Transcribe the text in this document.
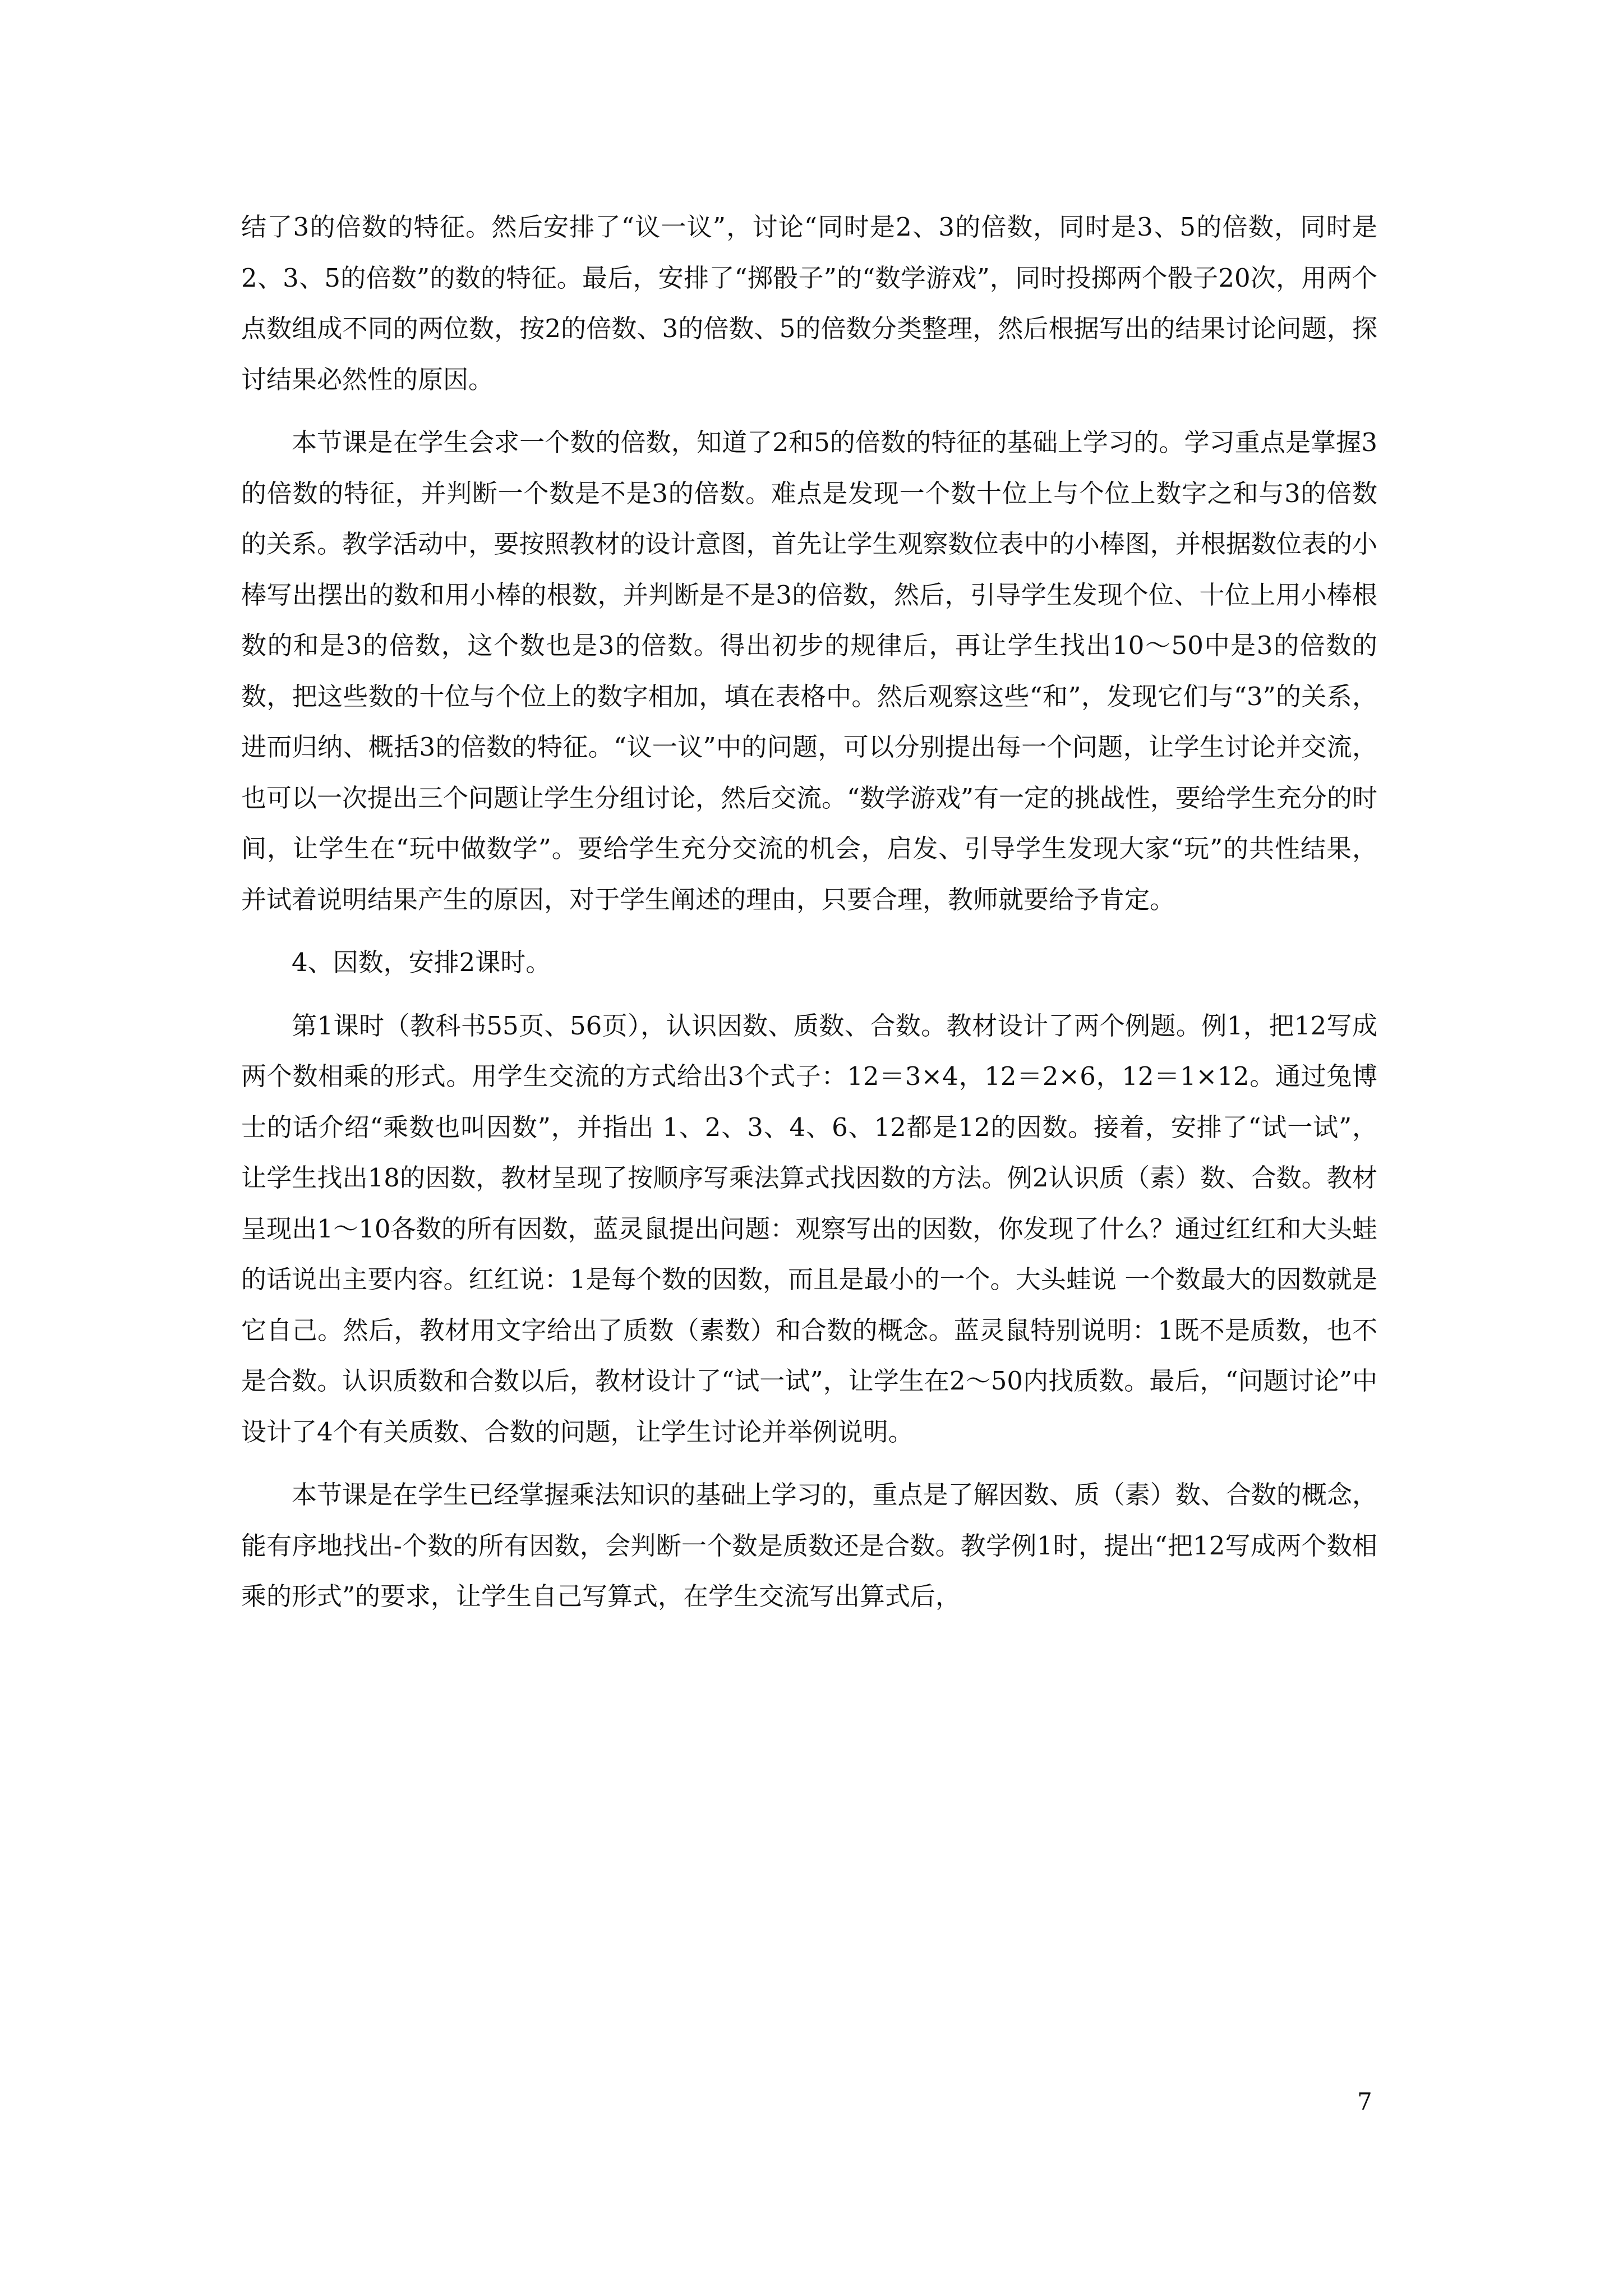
结了3的倍数的特征。然后安排了“议一议”，讨论“同时是2、3的倍数，同时是3、5的倍数，同时是2、3、5的倍数”的数的特征。最后，安排了“掷骰子”的“数学游戏”，同时投掷两个骰子20次，用两个点数组成不同的两位数，按2的倍数、3的倍数、5的倍数分类整理，然后根据写出的结果讨论问题，探讨结果必然性的原因。

本节课是在学生会求一个数的倍数，知道了2和5的倍数的特征的基础上学习的。学习重点是掌握3的倍数的特征，并判断一个数是不是3的倍数。难点是发现一个数十位上与个位上数字之和与3的倍数的关系。教学活动中，要按照教材的设计意图，首先让学生观察数位表中的小棒图，并根据数位表的小棒写出摆出的数和用小棒的根数，并判断是不是3的倍数，然后，引导学生发现个位、十位上用小棒根数的和是3的倍数，这个数也是3的倍数。得出初步的规律后，再让学生找出10～50中是3的倍数的数，把这些数的十位与个位上的数字相加，填在表格中。然后观察这些“和”，发现它们与“3”的关系，进而归纳、概括3的倍数的特征。“议一议”中的问题，可以分别提出每一个问题，让学生讨论并交流，也可以一次提出三个问题让学生分组讨论，然后交流。“数学游戏”有一定的挑战性，要给学生充分的时间，让学生在“玩中做数学”。要给学生充分交流的机会，启发、引导学生发现大家“玩”的共性结果，并试着说明结果产生的原因，对于学生阐述的理由，只要合理，教师就要给予肯定。

4、因数，安排2课时。

第1课时（教科书55页、56页），认识因数、质数、合数。教材设计了两个例题。例1，把12写成两个数相乘的形式。用学生交流的方式给出3个式子：12＝3×4，12＝2×6，12＝1×12。通过兔博士的话介绍“乘数也叫因数”，并指出 1、2、3、4、6、12都是12的因数。接着，安排了“试一试”，让学生找出18的因数，教材呈现了按顺序写乘法算式找因数的方法。例2认识质（素）数、合数。教材呈现出1～10各数的所有因数，蓝灵鼠提出问题：观察写出的因数，你发现了什么？通过红红和大头蛙的话说出主要内容。红红说：1是每个数的因数，而且是最小的一个。大头蛙说 一个数最大的因数就是它自己。然后，教材用文字给出了质数（素数）和合数的概念。蓝灵鼠特别说明：1既不是质数，也不是合数。认识质数和合数以后，教材设计了“试一试”，让学生在2～50内找质数。最后，“问题讨论”中设计了4个有关质数、合数的问题，让学生讨论并举例说明。

本节课是在学生已经掌握乘法知识的基础上学习的，重点是了解因数、质（素）数、合数的概念，能有序地找出-个数的所有因数，会判断一个数是质数还是合数。教学例1时，提出“把12写成两个数相乘的形式”的要求，让学生自己写算式，在学生交流写出算式后，

7
